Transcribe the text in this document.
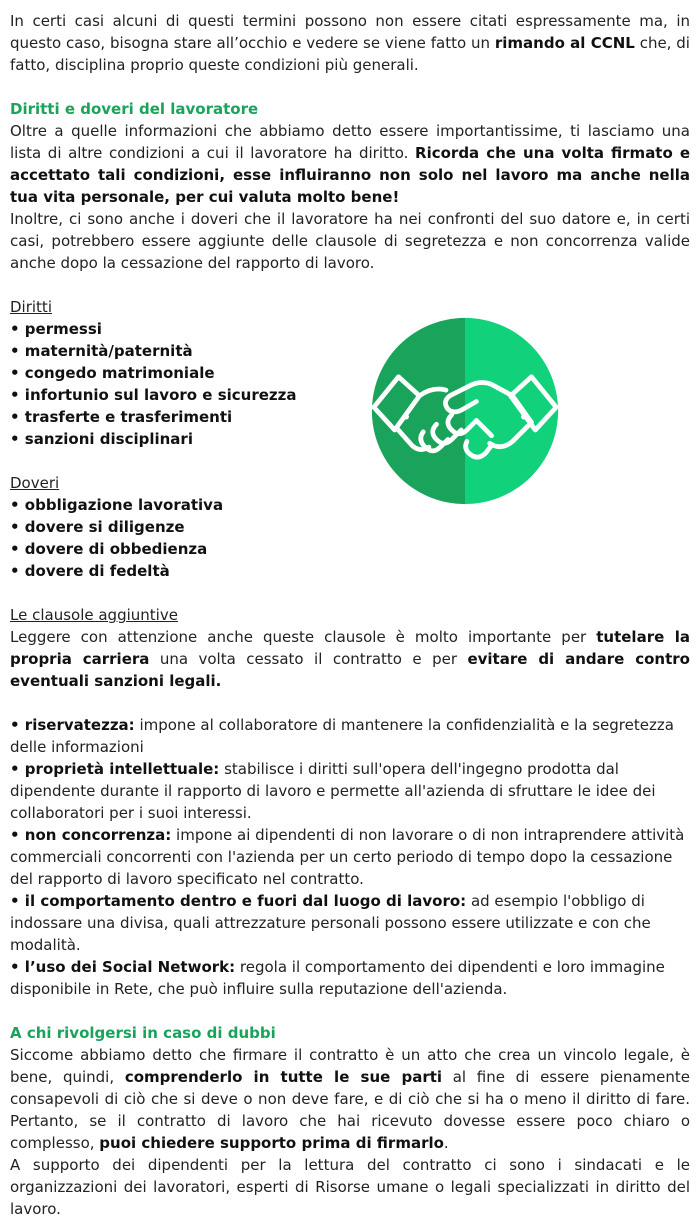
In certi casi alcuni di questi termini possono non essere citati espressamente ma, in questo caso, bisogna stare all’occhio e vedere se viene fatto un rimando al CCNL che, di fatto, disciplina proprio queste condizioni più generali.

Diritti e doveri del lavoratore

Oltre a quelle informazioni che abbiamo detto essere importantissime, ti lasciamo una lista di altre condizioni a cui il lavoratore ha diritto. Ricorda che una volta firmato e accettato tali condizioni, esse influiranno non solo nel lavoro ma anche nella tua vita personale, per cui valuta molto bene!

Inoltre, ci sono anche i doveri che il lavoratore ha nei confronti del suo datore e, in certi casi, potrebbero essere aggiunte delle clausole di segretezza e non concorrenza valide anche dopo la cessazione del rapporto di lavoro.

Diritti

• permessi

• maternità/paternità

• congedo matrimoniale

• infortunio sul lavoro e sicurezza

• trasferte e trasferimenti

• sanzioni disciplinari

Doveri

• obbligazione lavorativa

• dovere si diligenze

• dovere di obbedienza

• dovere di fedeltà

Le clausole aggiuntive

Leggere con attenzione anche queste clausole è molto importante per tutelare la propria carriera una volta cessato il contratto e per evitare di andare contro eventuali sanzioni legali.

• riservatezza: impone al collaboratore di mantenere la confidenzialità e la segretezza delle informazioni

• proprietà intellettuale: stabilisce i diritti sull'opera dell'ingegno prodotta dal dipendente durante il rapporto di lavoro e permette all'azienda di sfruttare le idee dei collaboratori per i suoi interessi.

• non concorrenza: impone ai dipendenti di non lavorare o di non intraprendere attività commerciali concorrenti con l'azienda per un certo periodo di tempo dopo la cessazione del rapporto di lavoro specificato nel contratto.

• il comportamento dentro e fuori dal luogo di lavoro: ad esempio l'obbligo di indossare una divisa, quali attrezzature personali possono essere utilizzate e con che modalità.

• l’uso dei Social Network: regola il comportamento dei dipendenti e loro immagine disponibile in Rete, che può influire sulla reputazione dell'azienda.

A chi rivolgersi in caso di dubbi

Siccome abbiamo detto che firmare il contratto è un atto che crea un vincolo legale, è bene, quindi, comprenderlo in tutte le sue parti al fine di essere pienamente consapevoli di ciò che si deve o non deve fare, e di ciò che si ha o meno il diritto di fare. Pertanto, se il contratto di lavoro che hai ricevuto dovesse essere poco chiaro o complesso, puoi chiedere supporto prima di firmarlo.

A supporto dei dipendenti per la lettura del contratto ci sono i sindacati e le organizzazioni dei lavoratori, esperti di Risorse umane o legali specializzati in diritto del lavoro.
